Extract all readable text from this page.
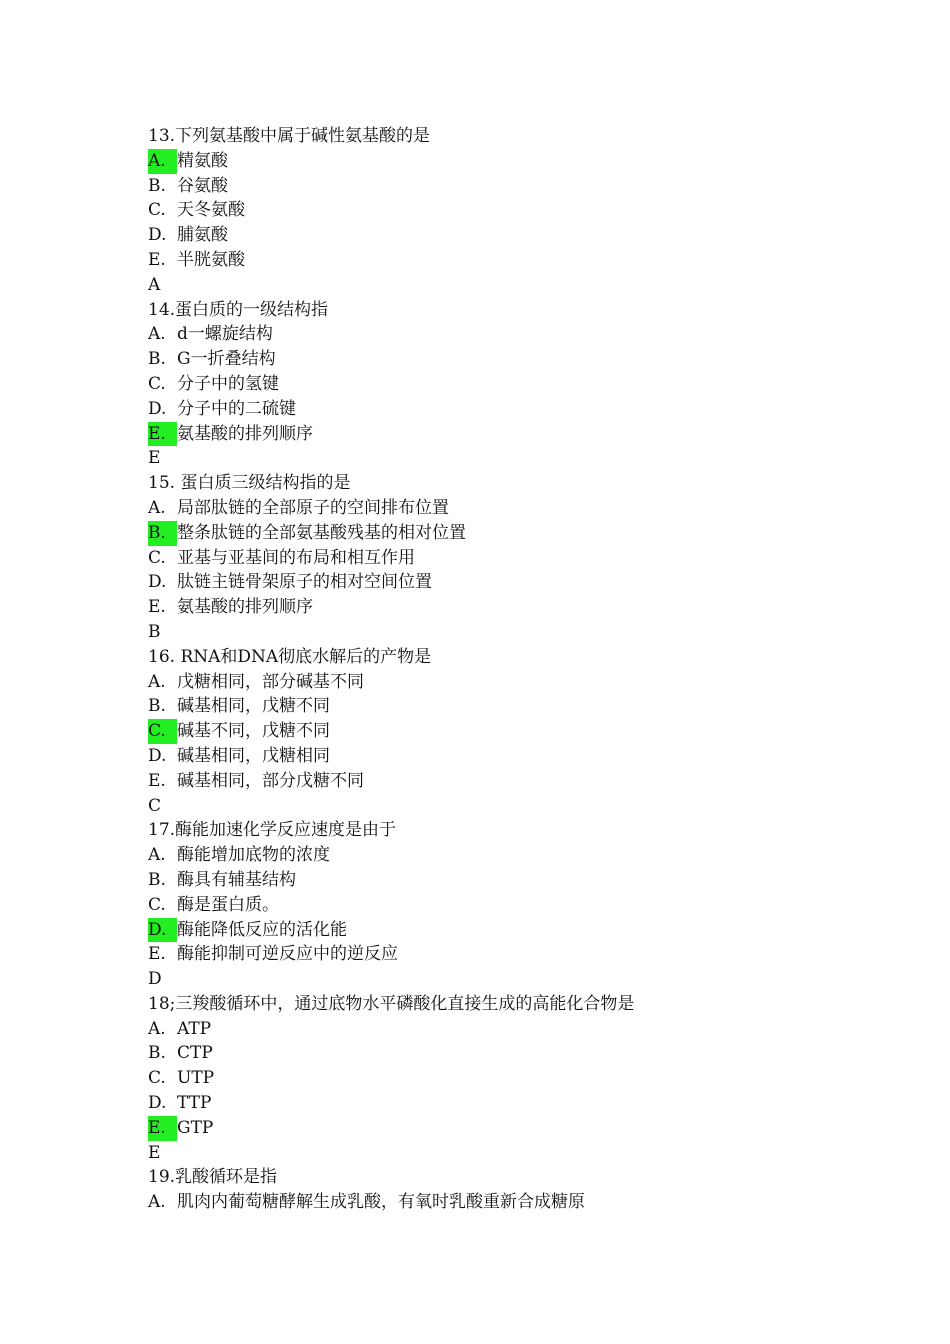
13.下列氨基酸中属于碱性氨基酸的是
A. 精氨酸
B. 谷氨酸
C. 天冬氨酸
D. 脯氨酸
E. 半胱氨酸
A
14.蛋白质的一级结构指
A. d一螺旋结构
B. G一折叠结构
C. 分子中的氢键
D. 分子中的二硫键
E. 氨基酸的排列顺序
E
15. 蛋白质三级结构指的是
A. 局部肽链的全部原子的空间排布位置
B. 整条肽链的全部氨基酸残基的相对位置
C. 亚基与亚基间的布局和相互作用
D. 肽链主链骨架原子的相对空间位置
E. 氨基酸的排列顺序
B
16. RNA和DNA彻底水解后的产物是
A. 戊糖相同，部分碱基不同
B. 碱基相同，戊糖不同
C. 碱基不同，戊糖不同
D. 碱基相同，戊糖相同
E. 碱基相同，部分戊糖不同
C
17.酶能加速化学反应速度是由于
A. 酶能增加底物的浓度
B. 酶具有辅基结构
C. 酶是蛋白质。
D. 酶能降低反应的活化能
E. 酶能抑制可逆反应中的逆反应
D
18;三羧酸循环中，通过底物水平磷酸化直接生成的高能化合物是
A. ATP
B. CTP
C. UTP
D. TTP
E. GTP
E
19.乳酸循环是指
A. 肌肉内葡萄糖酵解生成乳酸，有氧时乳酸重新合成糖原
